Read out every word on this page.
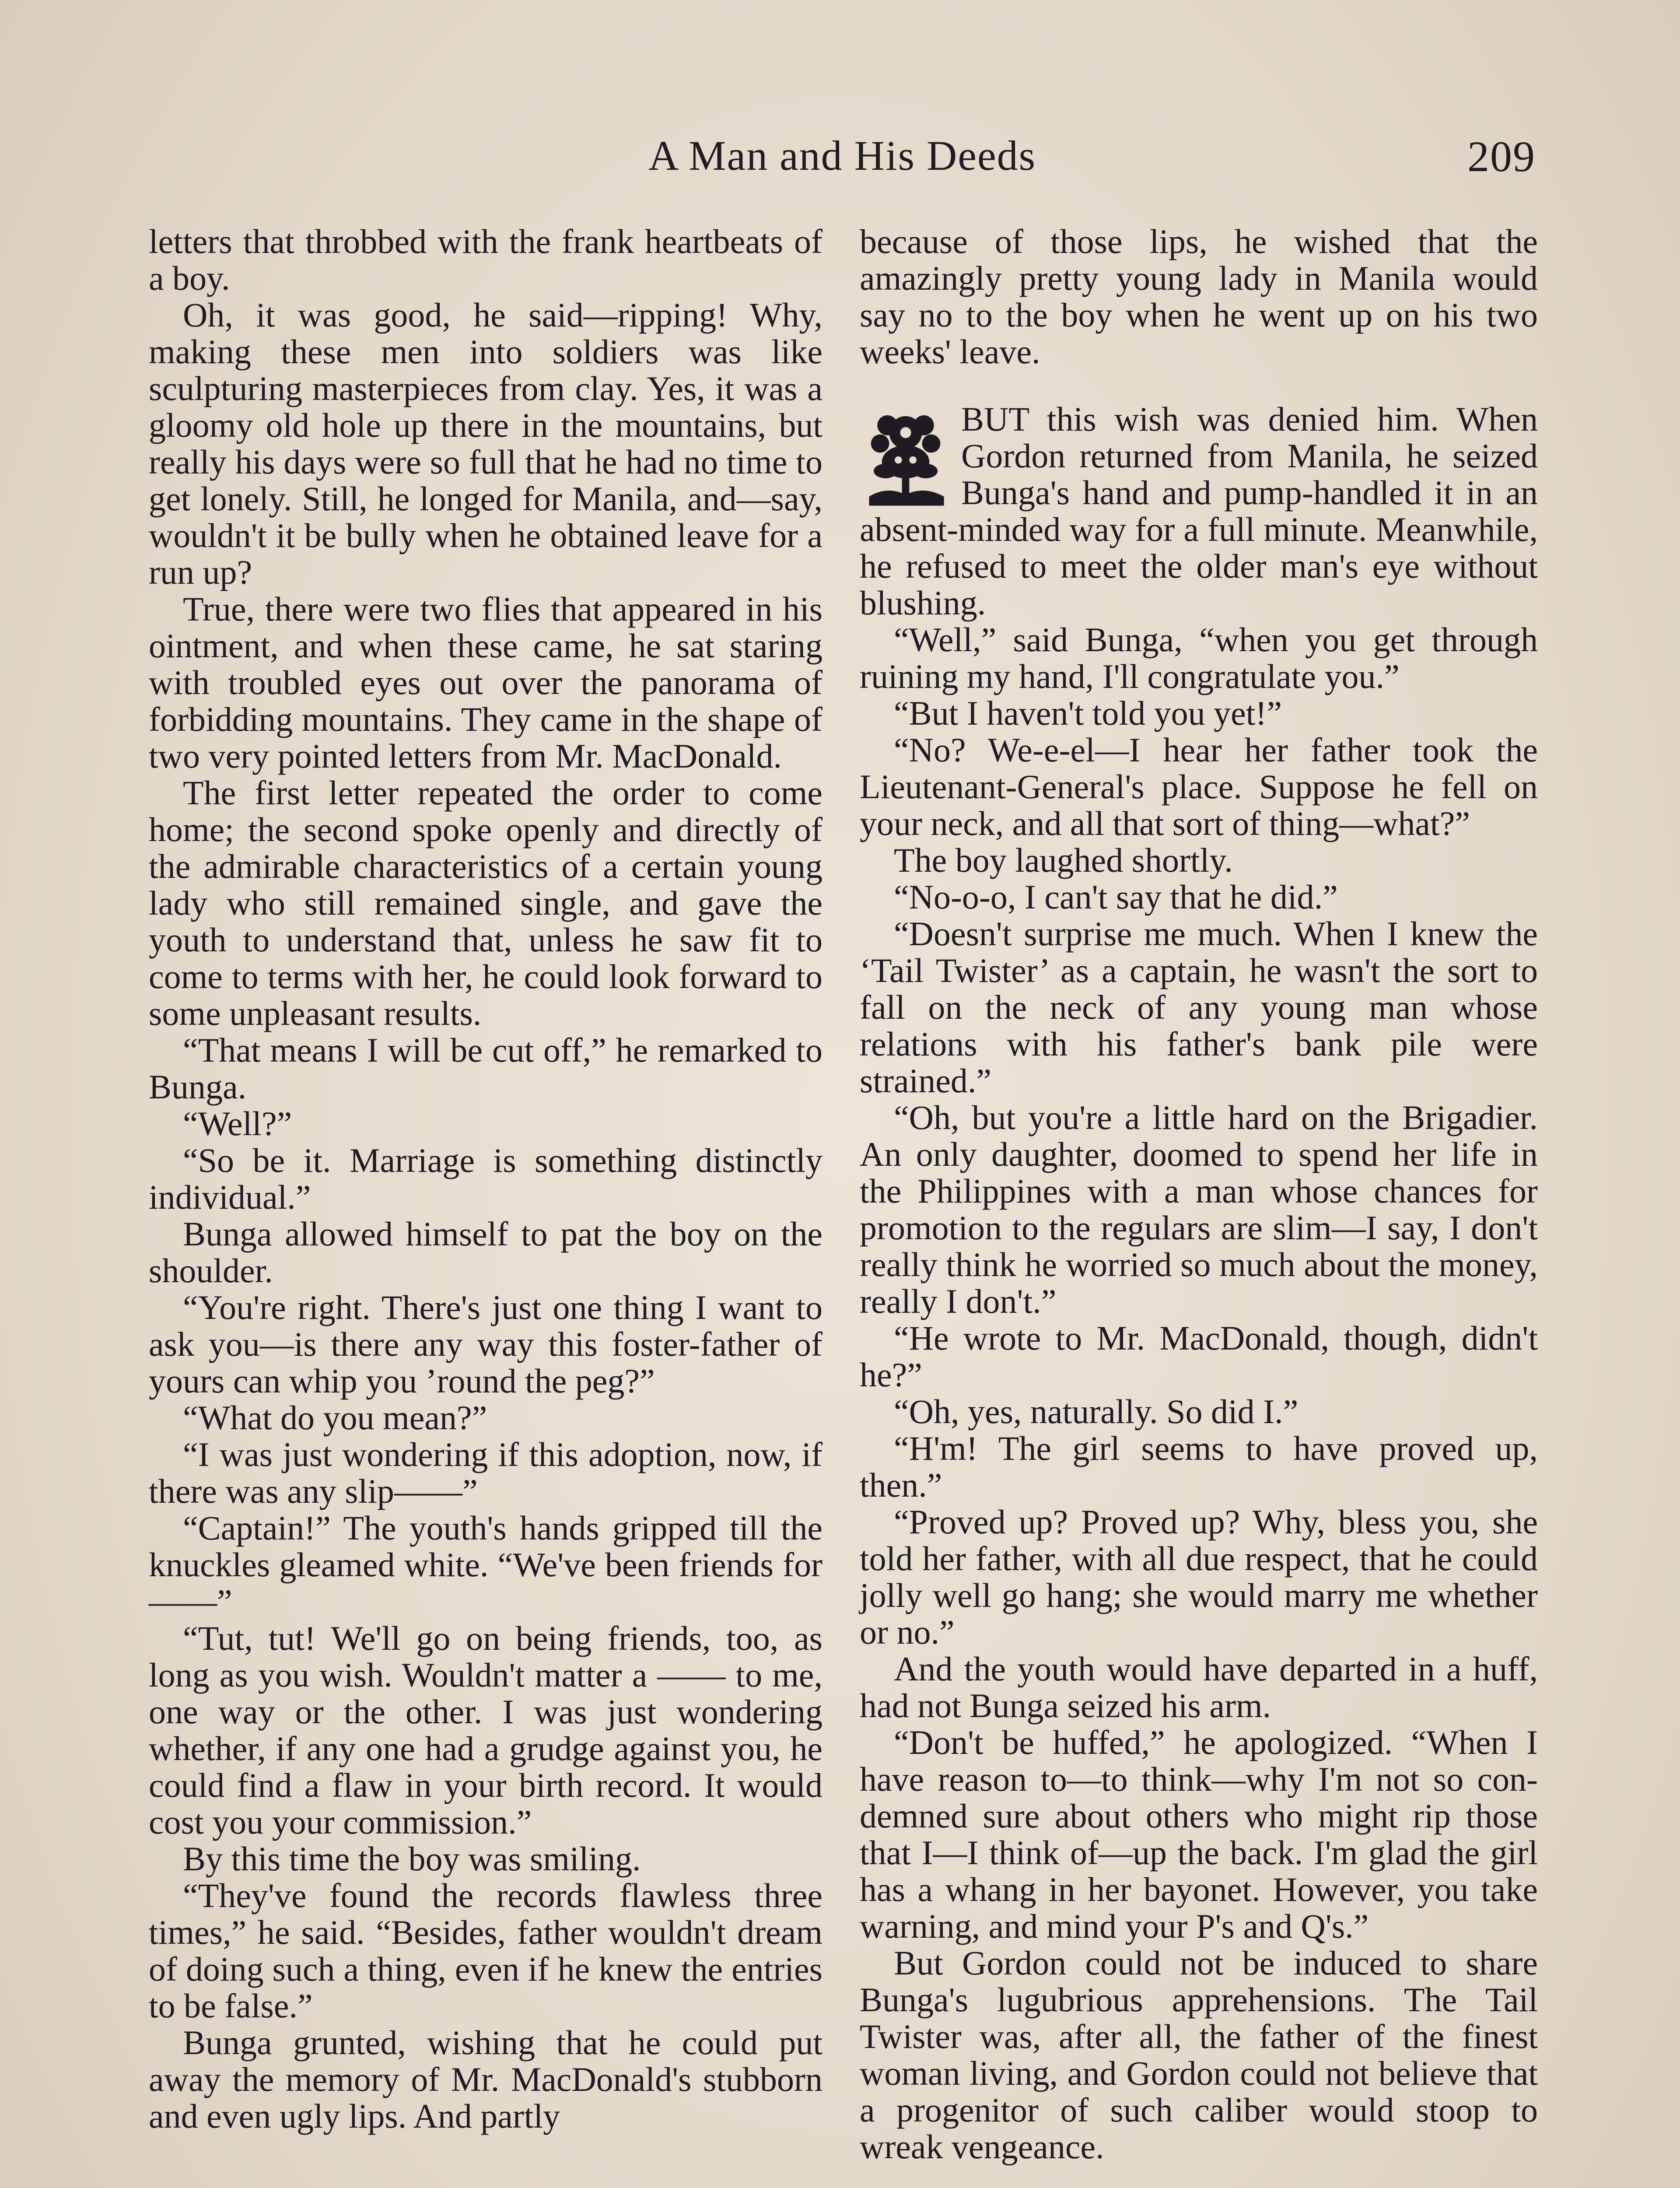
A Man and His Deeds	209

letters that throbbed with the frank heartbeats of a boy.

Oh, it was good, he said—ripping! Why, making these men into soldiers was like sculpturing masterpieces from clay. Yes, it was a gloomy old hole up there in the mountains, but really his days were so full that he had no time to get lonely. Still, he longed for Manila, and—say, wouldn't it be bully when he obtained leave for a run up?

True, there were two flies that appeared in his ointment, and when these came, he sat staring with troubled eyes out over the panorama of forbidding mountains. They came in the shape of two very pointed letters from Mr. MacDonald.

The first letter repeated the order to come home; the second spoke openly and directly of the admirable characteristics of a certain young lady who still remained single, and gave the youth to understand that, unless he saw fit to come to terms with her, he could look forward to some unpleasant results.

“That means I will be cut off,” he remarked to Bunga.

“Well?”

“So be it. Marriage is something distinctly individual.”

Bunga allowed himself to pat the boy on the shoulder.

“You're right. There's just one thing I want to ask you—is there any way this foster-father of yours can whip you ’round the peg?”

“What do you mean?”

“I was just wondering if this adoption, now, if there was any slip——”

“Captain!” The youth's hands gripped till the knuckles gleamed white. “We've been friends for——”

“Tut, tut! We'll go on being friends, too, as long as you wish. Wouldn't matter a —— to me, one way or the other. I was just wondering whether, if any one had a grudge against you, he could find a flaw in your birth record. It would cost you your commission.”

By this time the boy was smiling.

“They've found the records flawless three times,” he said. “Besides, father wouldn't dream of doing such a thing, even if he knew the entries to be false.”

Bunga grunted, wishing that he could put away the memory of Mr. MacDonald's stubborn and even ugly lips. And partly

because of those lips, he wished that the amazingly pretty young lady in Manila would say no to the boy when he went up on his two weeks' leave.

BUT this wish was denied him. When Gordon returned from Manila, he seized Bunga's hand and pump-handled it in an absent-minded way for a full minute. Meanwhile, he refused to meet the older man's eye without blushing.

“Well,” said Bunga, “when you get through ruining my hand, I'll congratulate you.”

“But I haven't told you yet!”

“No? We-e-el—I hear her father took the Lieutenant-General's place. Suppose he fell on your neck, and all that sort of thing—what?”

The boy laughed shortly.

“No-o-o, I can't say that he did.”

“Doesn't surprise me much. When I knew the ‘Tail Twister’ as a captain, he wasn't the sort to fall on the neck of any young man whose relations with his father's bank pile were strained.”

“Oh, but you're a little hard on the Brigadier. An only daughter, doomed to spend her life in the Philippines with a man whose chances for promotion to the regulars are slim—I say, I don't really think he worried so much about the money, really I don't.”

“He wrote to Mr. MacDonald, though, didn't he?”

“Oh, yes, naturally. So did I.”

“H'm! The girl seems to have proved up, then.”

“Proved up? Proved up? Why, bless you, she told her father, with all due respect, that he could jolly well go hang; she would marry me whether or no.”

And the youth would have departed in a huff, had not Bunga seized his arm.

“Don't be huffed,” he apologized. “When I have reason to—to think—why I'm not so con-demned sure about others who might rip those that I—I think of—up the back. I'm glad the girl has a whang in her bayonet. However, you take warning, and mind your P's and Q's.”

But Gordon could not be induced to share Bunga's lugubrious apprehensions. The Tail Twister was, after all, the father of the finest woman living, and Gordon could not believe that a progenitor of such caliber would stoop to wreak vengeance.
